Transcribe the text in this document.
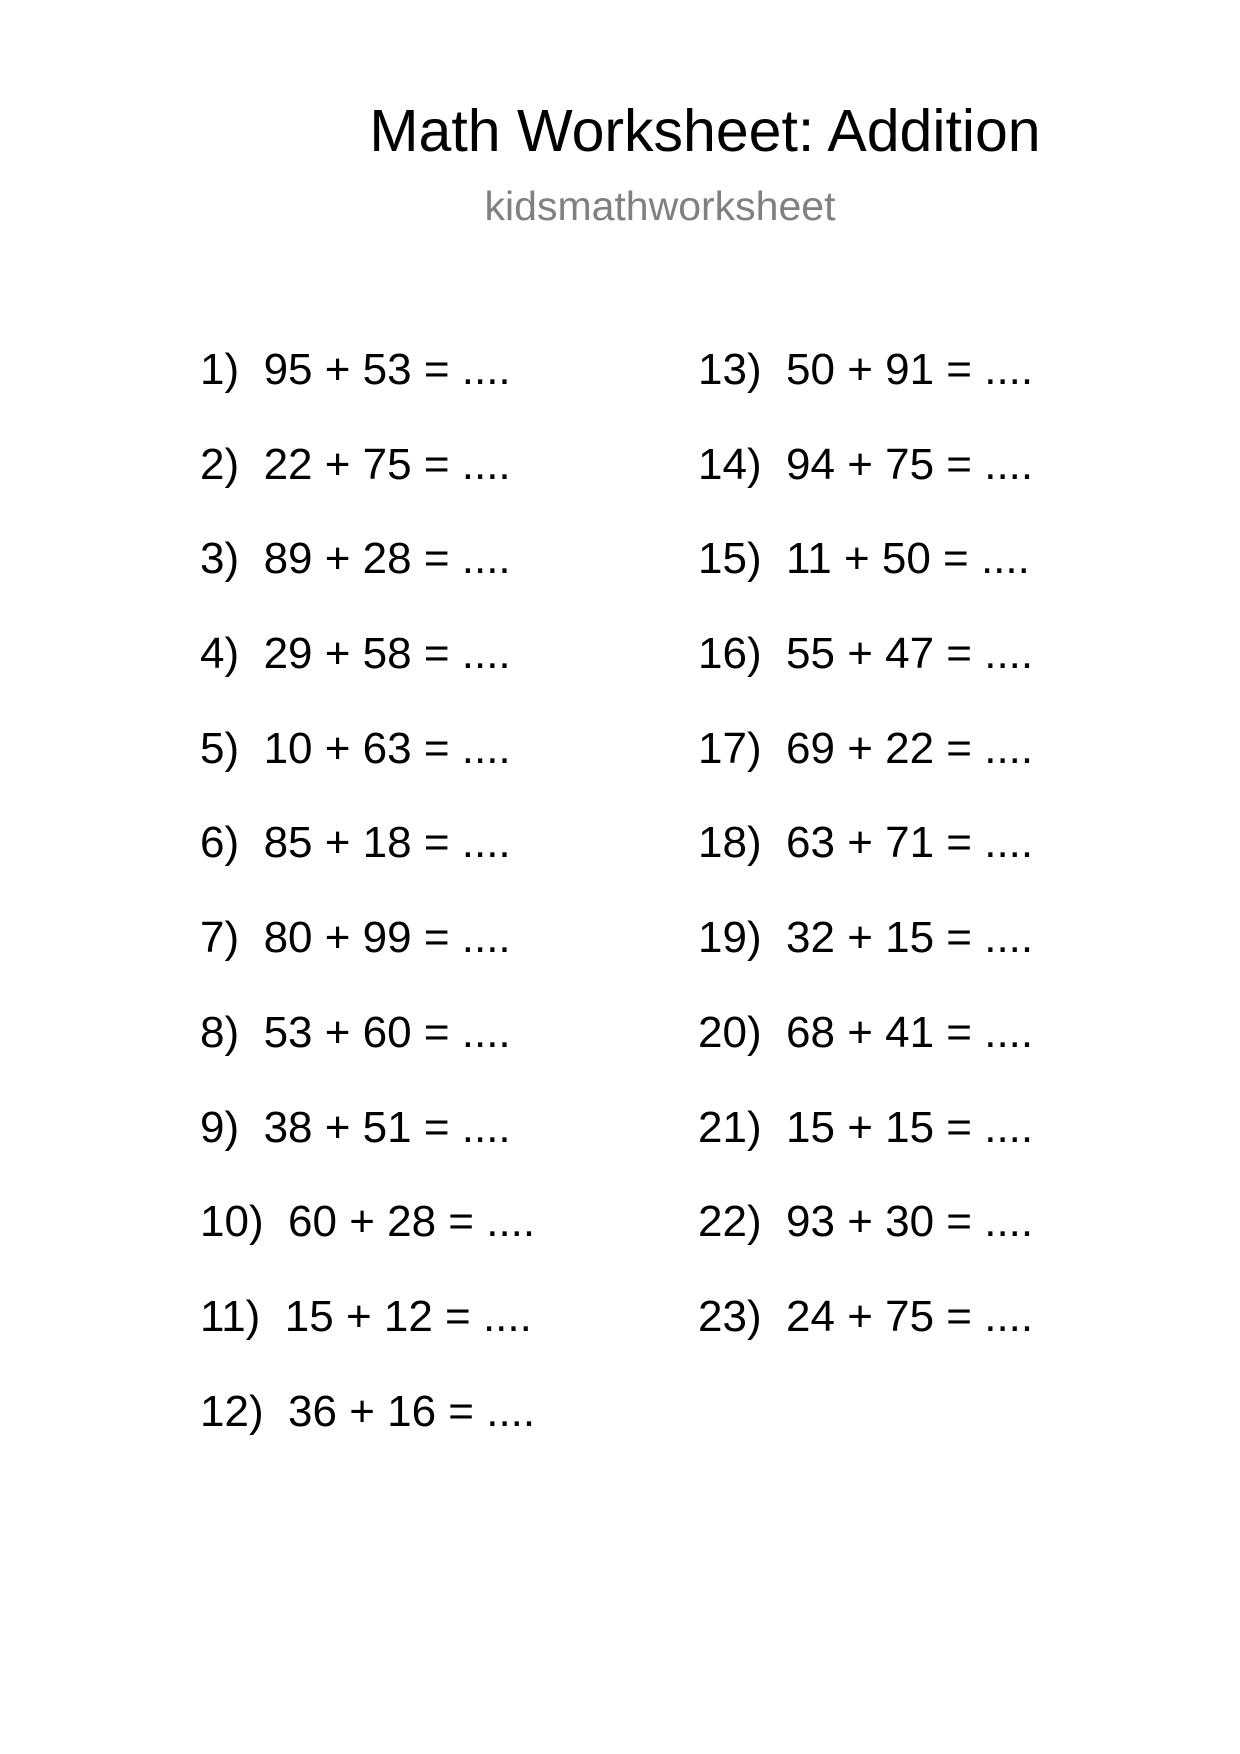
Math Worksheet: Addition
kidsmathworksheet
1)  95 + 53 = ....
2)  22 + 75 = ....
3)  89 + 28 = ....
4)  29 + 58 = ....
5)  10 + 63 = ....
6)  85 + 18 = ....
7)  80 + 99 = ....
8)  53 + 60 = ....
9)  38 + 51 = ....
10)  60 + 28 = ....
11)  15 + 12 = ....
12)  36 + 16 = ....
13)  50 + 91 = ....
14)  94 + 75 = ....
15)  11 + 50 = ....
16)  55 + 47 = ....
17)  69 + 22 = ....
18)  63 + 71 = ....
19)  32 + 15 = ....
20)  68 + 41 = ....
21)  15 + 15 = ....
22)  93 + 30 = ....
23)  24 + 75 = ....
